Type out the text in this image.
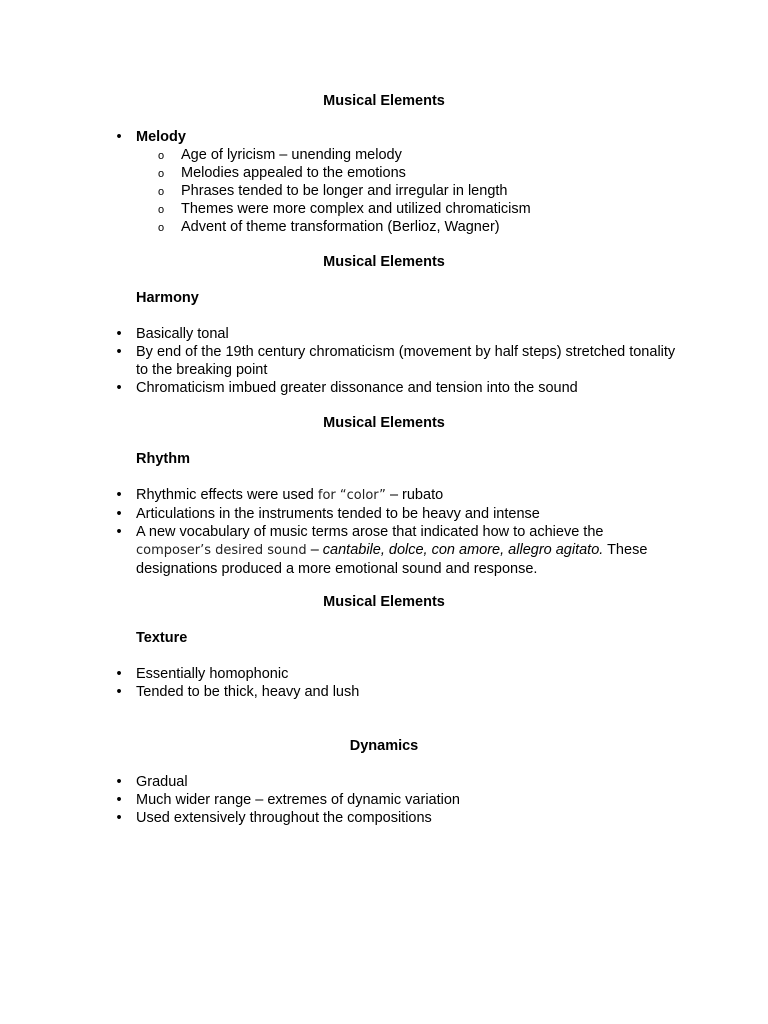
Musical Elements
• Melody
o Age of lyricism – unending melody
o Melodies appealed to the emotions
o Phrases tended to be longer and irregular in length
o Themes were more complex and utilized chromaticism
o Advent of theme transformation (Berlioz, Wagner)
Musical Elements
Harmony
• Basically tonal
• By end of the 19th century chromaticism (movement by half steps) stretched tonality to the breaking point
• Chromaticism imbued greater dissonance and tension into the sound
Musical Elements
Rhythm
• Rhythmic effects were used for “color” – rubato
• Articulations in the instruments tended to be heavy and intense
• A new vocabulary of music terms arose that indicated how to achieve the composer’s desired sound – cantabile, dolce, con amore, allegro agitato. These designations produced a more emotional sound and response.
Musical Elements
Texture
• Essentially homophonic
• Tended to be thick, heavy and lush
Dynamics
• Gradual
• Much wider range – extremes of dynamic variation
• Used extensively throughout the compositions
